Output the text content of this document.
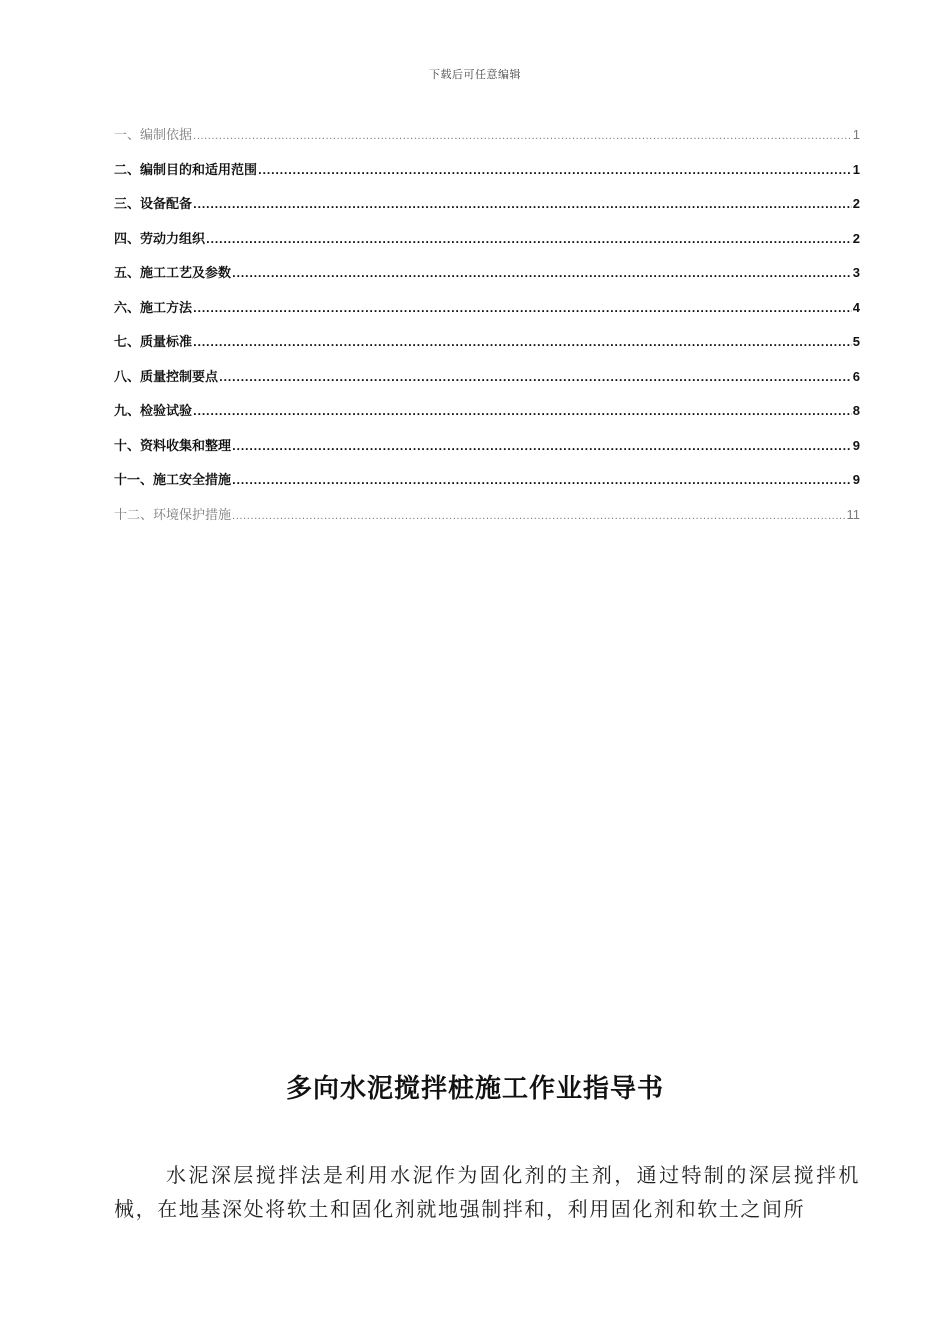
下载后可任意编辑
一、编制依据 .....	1
二、编制目的和适用范围 .....	1
三、设备配备 .....	2
四、劳动力组织 .....	2
五、施工工艺及参数 .....	3
六、施工方法 .....	4
七、质量标准 .....	5
八、质量控制要点 .....	6
九、检验试验 .....	8
十、资料收集和整理 .....	9
十一、施工安全措施 .....	9
十二、环境保护措施 .....	11
多向水泥搅拌桩施工作业指导书
水泥深层搅拌法是利用水泥作为固化剂的主剂，通过特制的深层搅拌机械，在地基深处将软土和固化剂就地强制拌和，利用固化剂和软土之间所
